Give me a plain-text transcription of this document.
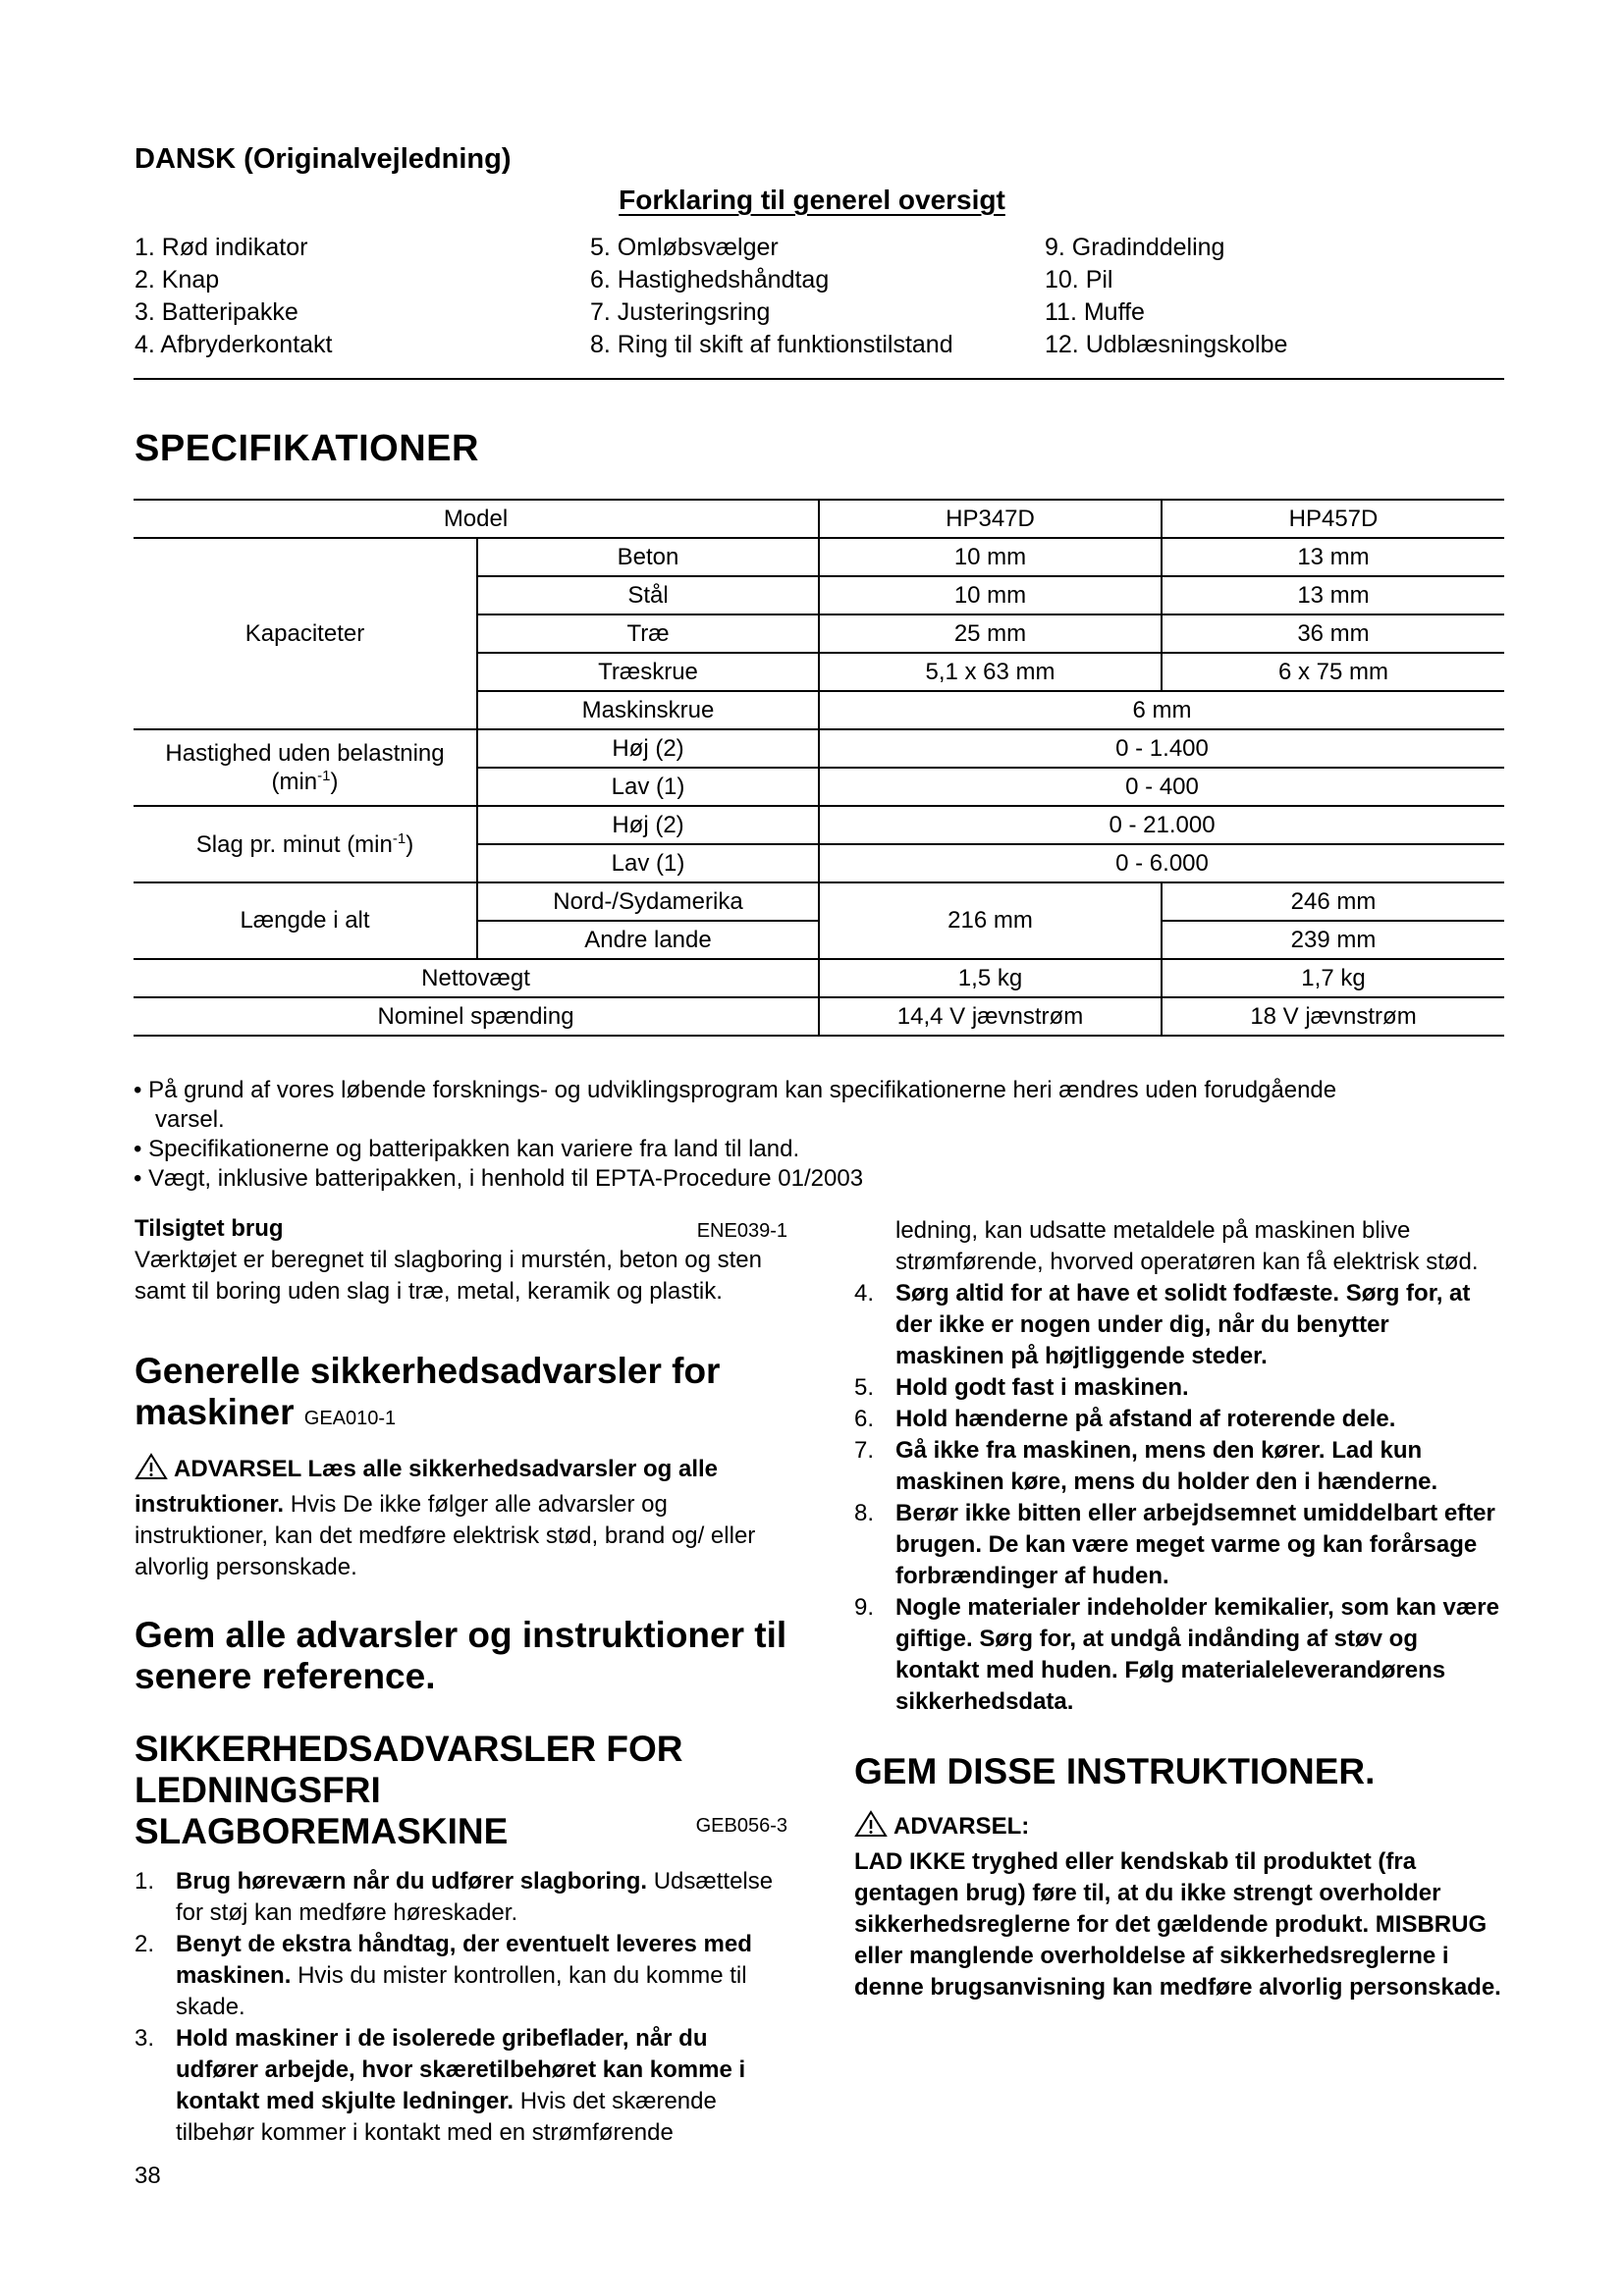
DANSK (Originalvejledning)
Forklaring til generel oversigt
1. Rød indikator
2. Knap
3. Batteripakke
4. Afbryderkontakt
5. Omløbsvælger
6. Hastighedshåndtag
7. Justeringsring
8. Ring til skift af funktionstilstand
9. Gradinddeling
10. Pil
11. Muffe
12. Udblæsningskolbe
SPECIFIKATIONER
Model		HP347D	HP457D
Kapaciteter	Beton	10 mm	13 mm
	Stål	10 mm	13 mm
	Træ	25 mm	36 mm
	Træskrue	5,1 x 63 mm	6 x 75 mm
	Maskinskrue	6 mm	

Hastighed uden belastning
$(\min^{-1})$	Høj (2)	0 - 1.400	
	Lav (1)	0 - 400	
Slag pr. minut $(\min^{-1})$	Høj (2)	0 - 21.000	
	Lav (1)	0 - 6.000	
Længde i alt	Nord-/Sydamerika	216 mm	246 mm
	Andre lande		239 mm
Nettovægt		1,5 kg	1,7 kg
Nominel spænding		14,4 V jævnstrøm	18 V jævnstrøm

• På grund af vores løbende forsknings- og udviklingsprogram kan specifikationerne heri ændres uden forudgående

varsel.

• Specifikationerne og batteripakken kan variere fra land til land.

• Vægt, inklusive batteripakken, i henhold til EPTA-Procedure 01/2003

Tilsigtet brug	ENE039-1

Værktøjet er beregnet til slagboring i murstén, beton og sten samt til boring uden slag i træ, metal, keramik og plastik.

Generelle sikkerhedsadvarsler for
maskiner GEA010-1

ADVARSEL Læs alle sikkerhedsadvarsler og alle instruktioner. Hvis De ikke følger alle advarsler og instruktioner, kan det medføre elektrisk stød, brand og/ eller alvorlig personskade.

Gem alle advarsler og instruktioner til senere reference.
SIKKERHEDSADVARSLER FOR
LEDNINGSFRI
SLAGBOREMASKINE	GEB056-3
1. Brug høreværn når du udfører slagboring. Udsættelse for støj kan medføre høreskader.
2. Benyt de ekstra håndtag, der eventuelt leveres med maskinen. Hvis du mister kontrollen, kan du komme til skade.
3. Hold maskiner i de isolerede gribeflader, når du udfører arbejde, hvor skæretilbehøret kan komme i kontakt med skjulte ledninger. Hvis det skærende tilbehør kommer i kontakt med en strømførende

ledning, kan udsatte metaldele på maskinen blive strømførende, hvorved operatøren kan få elektrisk stød.

4. Sørg altid for at have et solidt fodfæste. Sørg for, at der ikke er nogen under dig, når du benytter maskinen på højtliggende steder.
5. Hold godt fast i maskinen.
6. Hold hænderne på afstand af roterende dele.
7. Gå ikke fra maskinen, mens den kører. Lad kun maskinen køre, mens du holder den i hænderne.
8. Berør ikke bitten eller arbejdsemnet umiddelbart efter brugen. De kan være meget varme og kan forårsage forbrændinger af huden.
9. Nogle materialer indeholder kemikalier, som kan være giftige. Sørg for, at undgå indånding af støv og kontakt med huden. Følg materialeleverandørens sikkerhedsdata.
GEM DISSE INSTRUKTIONER.
ADVARSEL:

LAD IKKE tryghed eller kendskab til produktet (fra gentagen brug) føre til, at du ikke strengt overholder sikkerhedsreglerne for det gældende produkt. MISBRUG eller manglende overholdelse af sikkerhedsreglerne i denne brugsanvisning kan medføre alvorlig personskade.

38
